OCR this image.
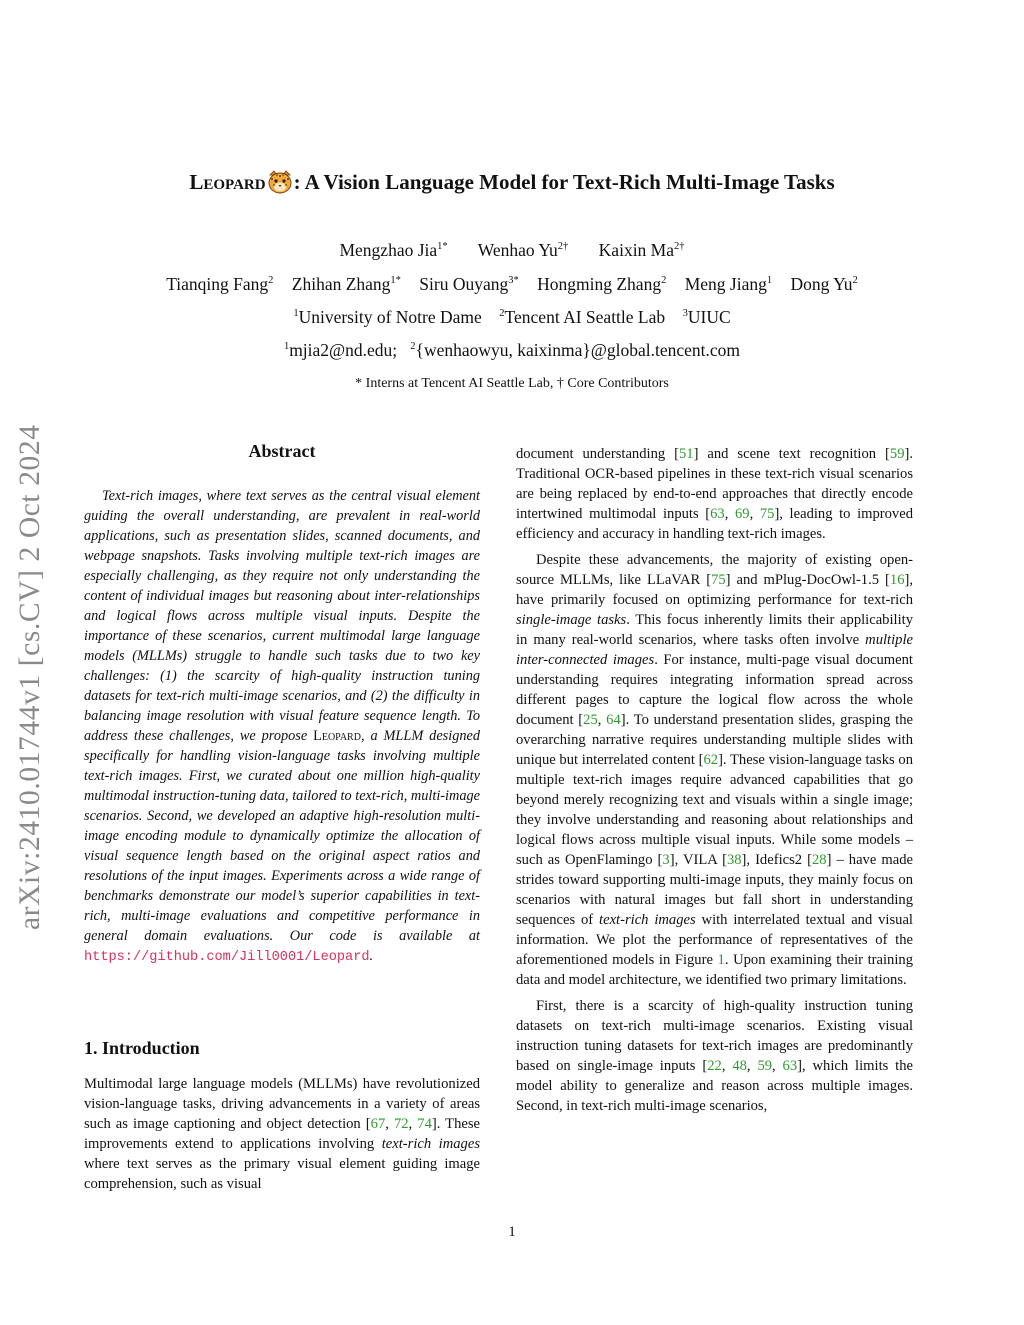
arXiv:2410.01744v1 [cs.CV] 2 Oct 2024
Leopard : A Vision Language Model for Text-Rich Multi-Image Tasks
Mengzhao Jia$^{1*}$ Wenhao $Yu^{2\dagger}$ Kaixin $Ma^{2\dagger}$
Tianqing Fang$^2$ Zhihan Zhang$^{1*}$ Siru Ouyang$^{3*}$ Hongming Zhang$^2$ Meng Jiang$^1$ Dong Yu$^2$
$^1$University of Notre Dame $^2$Tencent AI Seattle Lab $^3$UIUC
$^1$mjia2@nd.edu; $^2${wenhaowyu, kaixinma}@global.tencent.com
* Interns at Tencent AI Seattle Lab, † Core Contributors
Abstract

Text-rich images, where text serves as the central visual element guiding the overall understanding, are prevalent in real-world applications, such as presentation slides, scanned documents, and webpage snapshots. Tasks involving multiple text-rich images are especially challenging, as they require not only understanding the content of individual images but reasoning about inter-relationships and logical flows across multiple visual inputs. Despite the importance of these scenarios, current multimodal large language models (MLLMs) struggle to handle such tasks due to two key challenges: (1) the scarcity of high-quality instruction tuning datasets for text-rich multi-image scenarios, and (2) the difficulty in balancing image resolution with visual feature sequence length. To address these challenges, we propose Leopard, a MLLM designed specifically for handling vision-language tasks involving multiple text-rich images. First, we curated about one million high-quality multimodal instruction-tuning data, tailored to text-rich, multi-image scenarios. Second, we developed an adaptive high-resolution multi-image encoding module to dynamically optimize the allocation of visual sequence length based on the original aspect ratios and resolutions of the input images. Experiments across a wide range of benchmarks demonstrate our model’s superior capabilities in text-rich, multi-image evaluations and competitive performance in general domain evaluations. Our code is available at https://github.com/Jill0001/Leopard.

1. Introduction

Multimodal large language models (MLLMs) have revolutionized vision-language tasks, driving advancements in a variety of areas such as image captioning and object detection [67, 72, 74]. These improvements extend to applications involving text-rich images where text serves as the primary visual element guiding image comprehension, such as visual

document understanding [51] and scene text recognition [59]. Traditional OCR-based pipelines in these text-rich visual scenarios are being replaced by end-to-end approaches that directly encode intertwined multimodal inputs [63, 69, 75], leading to improved efficiency and accuracy in handling text-rich images.

Despite these advancements, the majority of existing open-source MLLMs, like LLaVAR [75] and mPlug-DocOwl-1.5 [16], have primarily focused on optimizing performance for text-rich single-image tasks. This focus inherently limits their applicability in many real-world scenarios, where tasks often involve multiple inter-connected images. For instance, multi-page visual document understanding requires integrating information spread across different pages to capture the logical flow across the whole document [25, 64]. To understand presentation slides, grasping the overarching narrative requires understanding multiple slides with unique but interrelated content [62]. These vision-language tasks on multiple text-rich images require advanced capabilities that go beyond merely recognizing text and visuals within a single image; they involve understanding and reasoning about relationships and logical flows across multiple visual inputs. While some models – such as OpenFlamingo [3], VILA [38], Idefics2 [28] – have made strides toward supporting multi-image inputs, they mainly focus on scenarios with natural images but fall short in understanding sequences of text-rich images with interrelated textual and visual information. We plot the performance of representatives of the aforementioned models in Figure 1. Upon examining their training data and model architecture, we identified two primary limitations.

First, there is a scarcity of high-quality instruction tuning datasets on text-rich multi-image scenarios. Existing visual instruction tuning datasets for text-rich images are predominantly based on single-image inputs [22, 48, 59, 63], which limits the model ability to generalize and reason across multiple images. Second, in text-rich multi-image scenarios,

1
